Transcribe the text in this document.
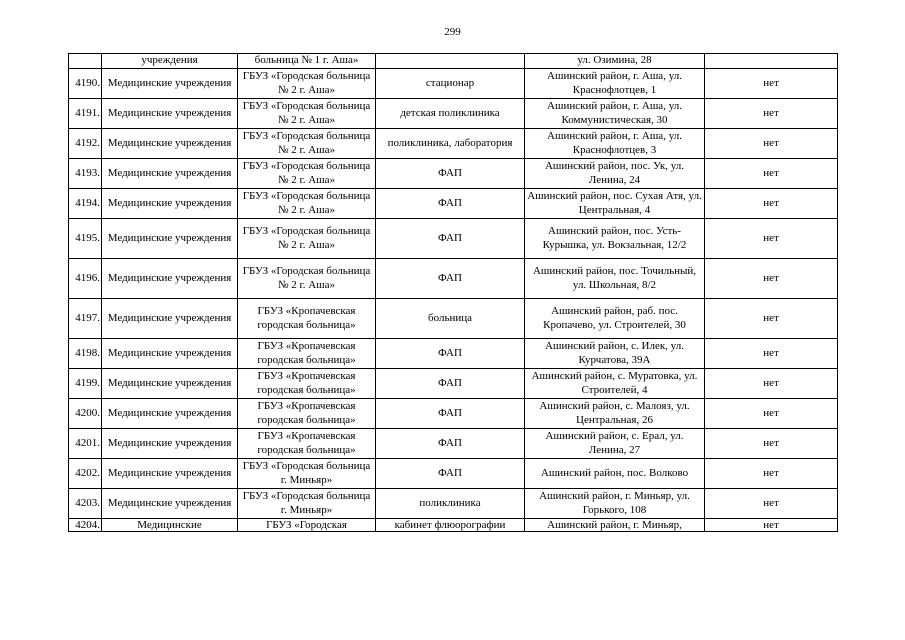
299
	учреждения	больница № 1 г. Аша»		ул. Озимина, 28	
4190.	Медицинские учреждения	ГБУЗ «Городская больница № 2 г. Аша»	стационар	Ашинский район, г. Аша, ул. Краснофлотцев, 1	нет
4191.	Медицинские учреждения	ГБУЗ «Городская больница № 2 г. Аша»	детская поликлиника	Ашинский район, г. Аша, ул. Коммунистическая, 30	нет
4192.	Медицинские учреждения	ГБУЗ «Городская больница № 2 г. Аша»	поликлиника, лаборатория	Ашинский район, г. Аша, ул. Краснофлотцев, 3	нет
4193.	Медицинские учреждения	ГБУЗ «Городская больница № 2 г. Аша»	ФАП	Ашинский район, пос. Ук, ул. Ленина, 24	нет
4194.	Медицинские учреждения	ГБУЗ «Городская больница № 2 г. Аша»	ФАП	Ашинский район, пос. Сухая Атя, ул. Центральная, 4	нет
4195.	Медицинские учреждения	ГБУЗ «Городская больница № 2 г. Аша»	ФАП	Ашинский район, пос. Усть-Курышка, ул. Вокзальная, 12/2	нет
4196.	Медицинские учреждения	ГБУЗ «Городская больница № 2 г. Аша»	ФАП	Ашинский район, пос. Точильный, ул. Школьная, 8/2	нет
4197.	Медицинские учреждения	ГБУЗ «Кропачевская городская больница»	больница	Ашинский район, раб. пос. Кропачево, ул. Строителей, 30	нет
4198.	Медицинские учреждения	ГБУЗ «Кропачевская городская больница»	ФАП	Ашинский район, с. Илек, ул. Курчатова, 39А	нет
4199.	Медицинские учреждения	ГБУЗ «Кропачевская городская больница»	ФАП	Ашинский район, с. Муратовка, ул. Строителей, 4	нет
4200.	Медицинские учреждения	ГБУЗ «Кропачевская городская больница»	ФАП	Ашинский район, с. Малояз, ул. Центральная, 26	нет
4201.	Медицинские учреждения	ГБУЗ «Кропачевская городская больница»	ФАП	Ашинский район, с. Ерал, ул. Ленина, 27	нет
4202.	Медицинские учреждения	ГБУЗ «Городская больница г. Миньяр»	ФАП	Ашинский район, пос. Волково	нет
4203.	Медицинские учреждения	ГБУЗ «Городская больница г. Миньяр»	поликлиника	Ашинский район, г. Миньяр, ул. Горького, 108	нет
4204.	Медицинские	ГБУЗ «Городская	кабинет флюорографии	Ашинский район, г. Миньяр,	нет
